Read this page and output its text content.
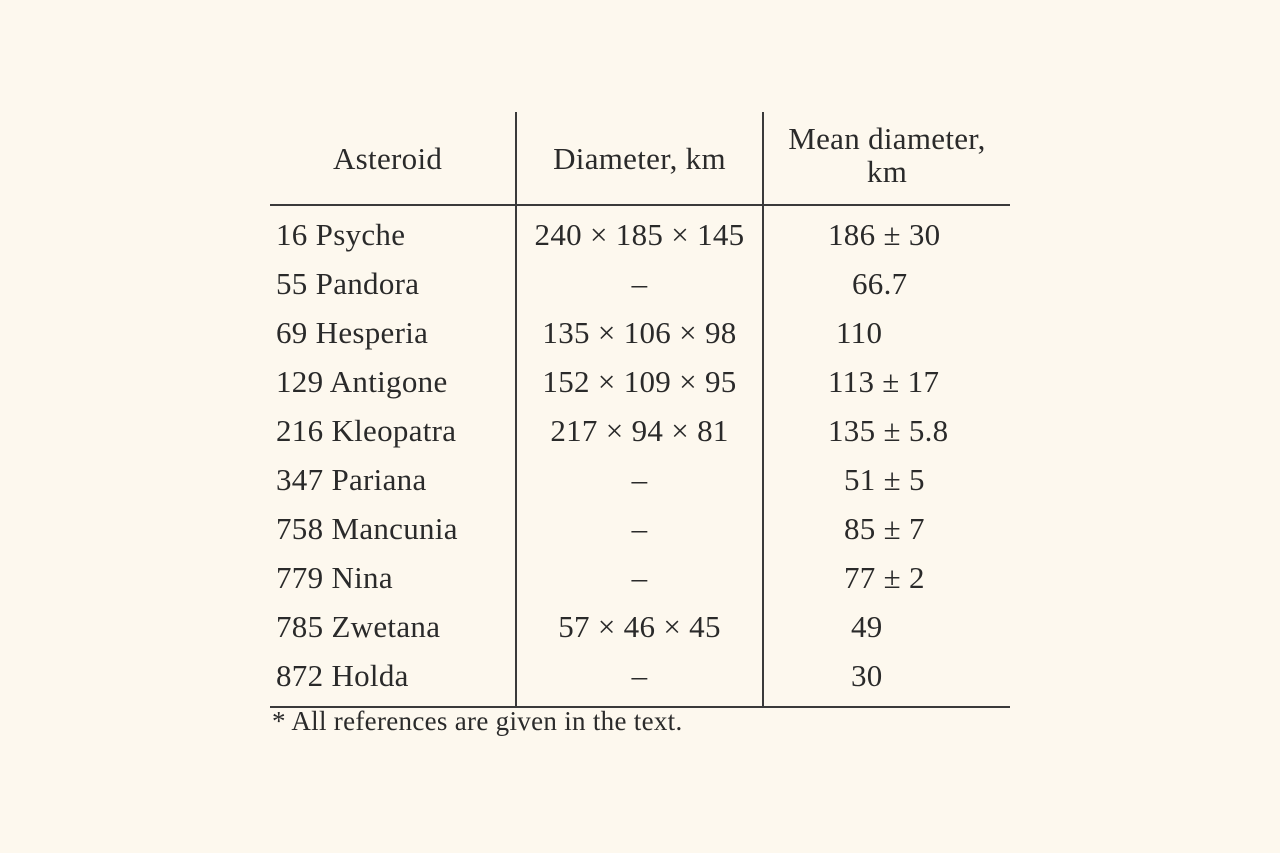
Asteroid	Diameter, km	Mean diameter,
km
16 Psyche	240 × 185 × 145	186 ± 30
55 Pandora	–	66.7
69 Hesperia	135 × 106 × 98	110
129 Antigone	152 × 109 × 95	113 ± 17
216 Kleopatra	217 × 94 × 81	135 ± 5.8
347 Pariana	–	51 ± 5
758 Mancunia	–	85 ± 7
779 Nina	–	77 ± 2
785 Zwetana	57 × 46 × 45	49
872 Holda	–	30
* All references are given in the text.
